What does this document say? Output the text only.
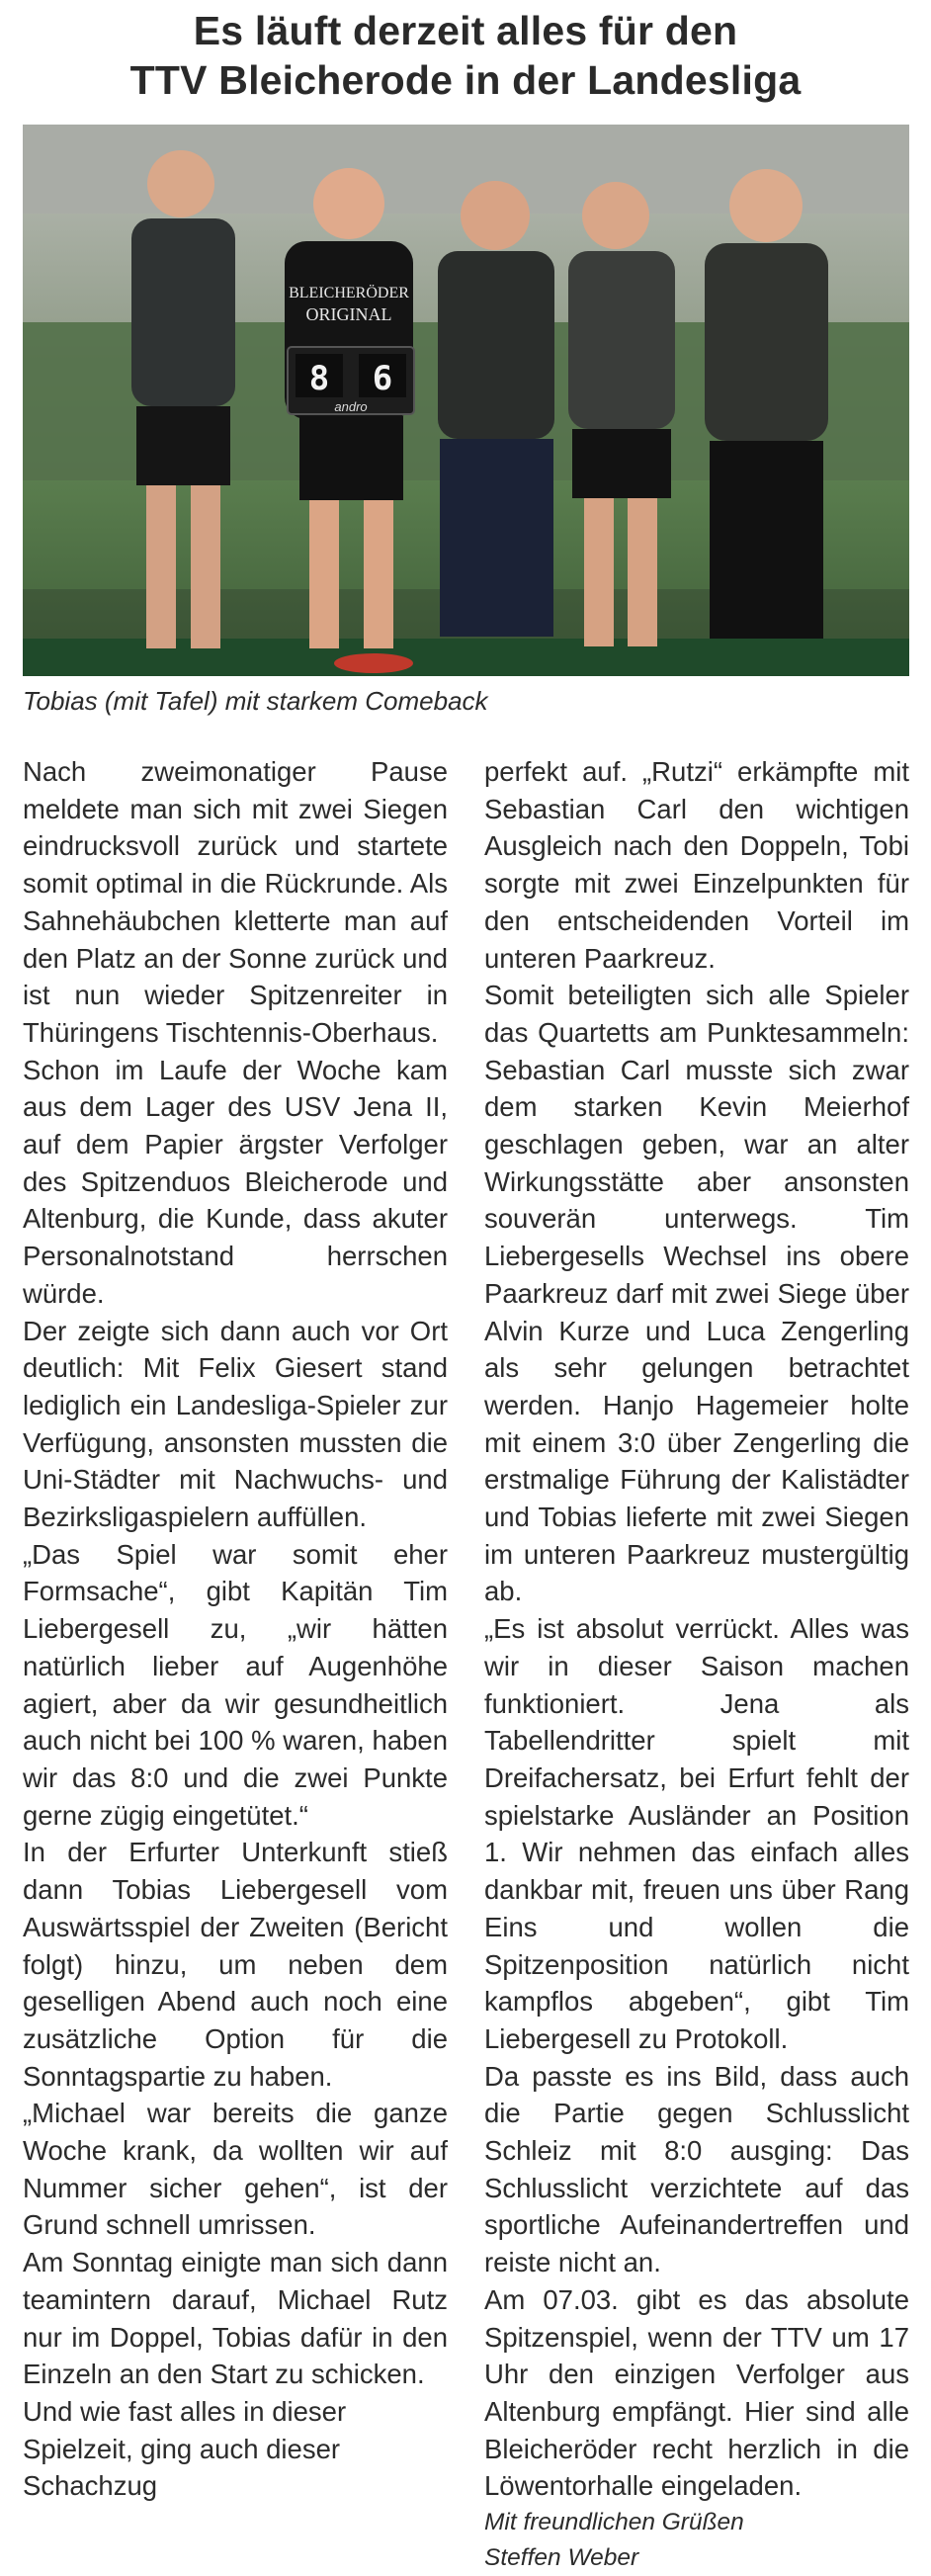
Es läuft derzeit alles für den
TTV Bleicherode in der Landesliga
BLEICHERÖDER
ORIGINAL
8 6
andro
Tobias (mit Tafel) mit starkem Comeback

Nach zweimonatiger Pause meldete man sich mit zwei Siegen eindrucksvoll zurück und startete somit optimal in die Rückrunde. Als Sahnehäubchen kletterte man auf den Platz an der Sonne zurück und ist nun wieder Spitzenreiter in Thüringens Tischtennis-Oberhaus.

Schon im Laufe der Woche kam aus dem Lager des USV Jena II, auf dem Papier ärgster Verfolger des Spitzenduos Bleicherode und Altenburg, die Kunde, dass akuter Personalnotstand herrschen würde.

Der zeigte sich dann auch vor Ort deutlich: Mit Felix Giesert stand lediglich ein Landesliga-Spieler zur Verfügung, ansonsten mussten die Uni-Städter mit Nachwuchs- und Bezirksligaspielern auffüllen.

„Das Spiel war somit eher Formsache“, gibt Kapitän Tim Liebergesell zu, „wir hätten natürlich lieber auf Augenhöhe agiert, aber da wir gesundheitlich auch nicht bei 100 % waren, haben wir das 8:0 und die zwei Punkte gerne zügig eingetütet.“

In der Erfurter Unterkunft stieß dann Tobias Liebergesell vom Auswärtsspiel der Zweiten (Bericht folgt) hinzu, um neben dem geselligen Abend auch noch eine zusätzliche Option für die Sonntagspartie zu haben.

„Michael war bereits die ganze Woche krank, da wollten wir auf Nummer sicher gehen“, ist der Grund schnell umrissen.

Am Sonntag einigte man sich dann teamintern darauf, Michael Rutz nur im Doppel, Tobias dafür in den Einzeln an den Start zu schicken.

Und wie fast alles in dieser Spielzeit, ging auch dieser Schachzug

perfekt auf. „Rutzi“ erkämpfte mit Sebastian Carl den wichtigen Ausgleich nach den Doppeln, Tobi sorgte mit zwei Einzelpunkten für den entscheidenden Vorteil im unteren Paarkreuz.

Somit beteiligten sich alle Spieler das Quartetts am Punktesammeln: Sebastian Carl musste sich zwar dem starken Kevin Meierhof geschlagen geben, war an alter Wirkungsstätte aber ansonsten souverän unterwegs. Tim Liebergesells Wechsel ins obere Paarkreuz darf mit zwei Siege über Alvin Kurze und Luca Zengerling als sehr gelungen betrachtet werden. Hanjo Hagemeier holte mit einem 3:0 über Zengerling die erstmalige Führung der Kalistädter und Tobias lieferte mit zwei Siegen im unteren Paarkreuz mustergültig ab.

„Es ist absolut verrückt. Alles was wir in dieser Saison machen funktioniert. Jena als Tabellendritter spielt mit Dreifachersatz, bei Erfurt fehlt der spielstarke Ausländer an Position 1. Wir nehmen das einfach alles dankbar mit, freuen uns über Rang Eins und wollen die Spitzenposition natürlich nicht kampflos abgeben“, gibt Tim Liebergesell zu Protokoll.

Da passte es ins Bild, dass auch die Partie gegen Schlusslicht Schleiz mit 8:0 ausging: Das Schlusslicht verzichtete auf das sportliche Aufeinandertreffen und reiste nicht an.

Am 07.03. gibt es das absolute Spitzenspiel, wenn der TTV um 17 Uhr den einzigen Verfolger aus Altenburg empfängt. Hier sind alle Bleicheröder recht herzlich in die Löwentorhalle eingeladen.

Mit freundlichen Grüßen

Steffen Weber
